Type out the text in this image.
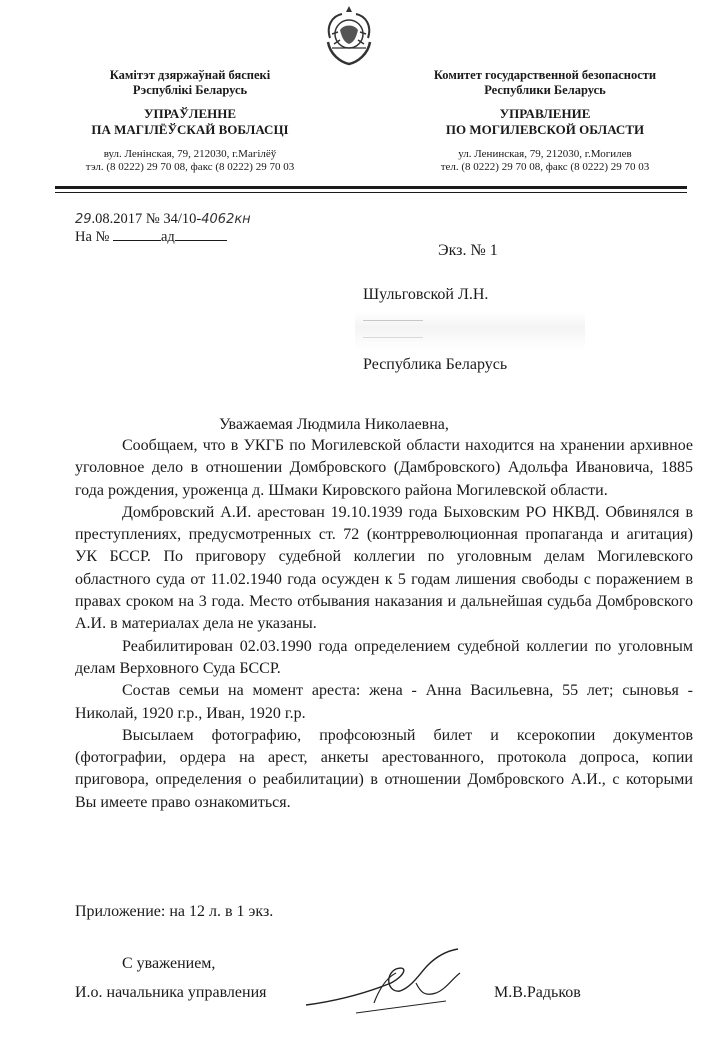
Камітэт дзяржаўнай бяспекі
Рэспублікі Беларусь
УПРАЎЛЕННЕ
ПА МАГІЛЁЎСКАЙ ВОБЛАСЦІ
вул. Ленінская, 79, 212030, г.Магілёў
тэл. (8 0222) 29 70 08, факс (8 0222) 29 70 03
Комитет государственной безопасности
Республики Беларусь
УПРАВЛЕНИЕ
ПО МОГИЛЕВСКОЙ ОБЛАСТИ
ул. Ленинская, 79, 212030, г.Могилев
тел. (8 0222) 29 70 08, факс (8 0222) 29 70 03
29.08.2017 № 34/10-4062кн
На №	ад
Экз. № 1
Шульговской Л.Н.
Республика Беларусь
Уважаемая Людмила Николаевна,

Сообщаем, что в УКГБ по Могилевской области находится на хранении архивное уголовное дело в отношении Домбровского (Дамбровского) Адольфа Ивановича, 1885 года рождения, уроженца д. Шмаки Кировского района Могилевской области.

Домбровский А.И. арестован 19.10.1939 года Быховским РО НКВД. Обвинялся в преступлениях, предусмотренных ст. 72 (контрреволюционная пропаганда и агитация) УК БССР. По приговору судебной коллегии по уголовным делам Могилевского областного суда от 11.02.1940 года осужден к 5 годам лишения свободы с поражением в правах сроком на 3 года. Место отбывания наказания и дальнейшая судьба Домбровского А.И. в материалах дела не указаны.

Реабилитирован 02.03.1990 года определением судебной коллегии по уголовным делам Верховного Суда БССР.

Состав семьи на момент ареста: жена - Анна Васильевна, 55 лет; сыновья - Николай, 1920 г.р., Иван, 1920 г.р.

Высылаем фотографию, профсоюзный билет и ксерокопии документов (фотографии, ордера на арест, анкеты арестованного, протокола допроса, копии приговора, определения о реабилитации) в отношении Домбровского А.И., с которыми Вы имеете право ознакомиться.

Приложение: на 12 л. в 1 экз.
С уважением,
И.о. начальника управления	М.В.Радьков
